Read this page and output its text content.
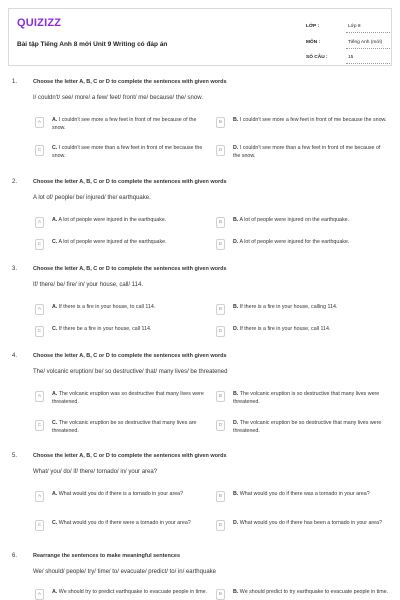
QUIZIZZ
Bài tập Tiếng Anh 8 mới Unit 9 Writing có đáp án
LỚP :	Lớp 8
MÔN :	Tiếng Anh (mới)
SỐ CÂU :	15
1.	Choose the letter A, B, C or D to complete the sentences with given words
I/ couldn't/ see/ more/ a few/ feet/ front/ me/ because/ the/ snow.
A	A. I couldn't see more a few feet in front of me because of the snow.
B	B. I couldn't see more a few feet in front of me because the snow.
C	C. I couldn't see more than a few feet in front of me because the snow.
D	D. I couldn't see more than a few feet in front of me because of the snow.
2.	Choose the letter A, B, C or D to complete the sentences with given words
A lot of/ people/ be/ injured/ the/ earthquake.
A	A. A lot of people were injured in the earthquake.	B	B. A lot of people were injured on the earthquake.
C	C. A lot of people were injured at the earthquake.	D	D. A lot of people were injured for the earthquake.
3.	Choose the letter A, B, C or D to complete the sentences with given words
If/ there/ be/ fire/ in/ your house, call/ 114.
A	A. If there is a fire in your house, to call 114.	B	B. If there is a fire in your house, calling 114.
C	C. If there be a fire in your house, call 114.	D	D. If there is a fire in your house, call 114.
4.	Choose the letter A, B, C or D to complete the sentences with given words
The/ volcanic eruption/ be/ so destructive/ that/ many lives/ be threatened
A	A. The volcanic eruption was so destructive that many lives were threatened.
B	B. The volcanic eruption is so destructive that many lives were threatened.
C	C. The volcanic eruption be so destructive that many lives are threatened.
D	D. The volcanic eruption be so destructive that many lives were threatened.
5.	Choose the letter A, B, C or D to complete the sentences with given words
What/ you/ do/ if/ there/ tornado/ in/ your area?
A	A. What would you do if there is a tornado in your area?	B	B. What would you do if there was a tornado in your area?
C	C. What would you do if there were a tornado in your area?	D	D. What would you do if there has been a tornado in your area?
6.	Rearrange the sentences to make meaningful sentences
We/ should/ people/ try/ time/ to/ evacuate/ predict/ to/ in/ earthquake
A	A. We should try to predict earthquake to evacuate people in time.	B	B. We should predict to try earthquake to evacuate people in time.
